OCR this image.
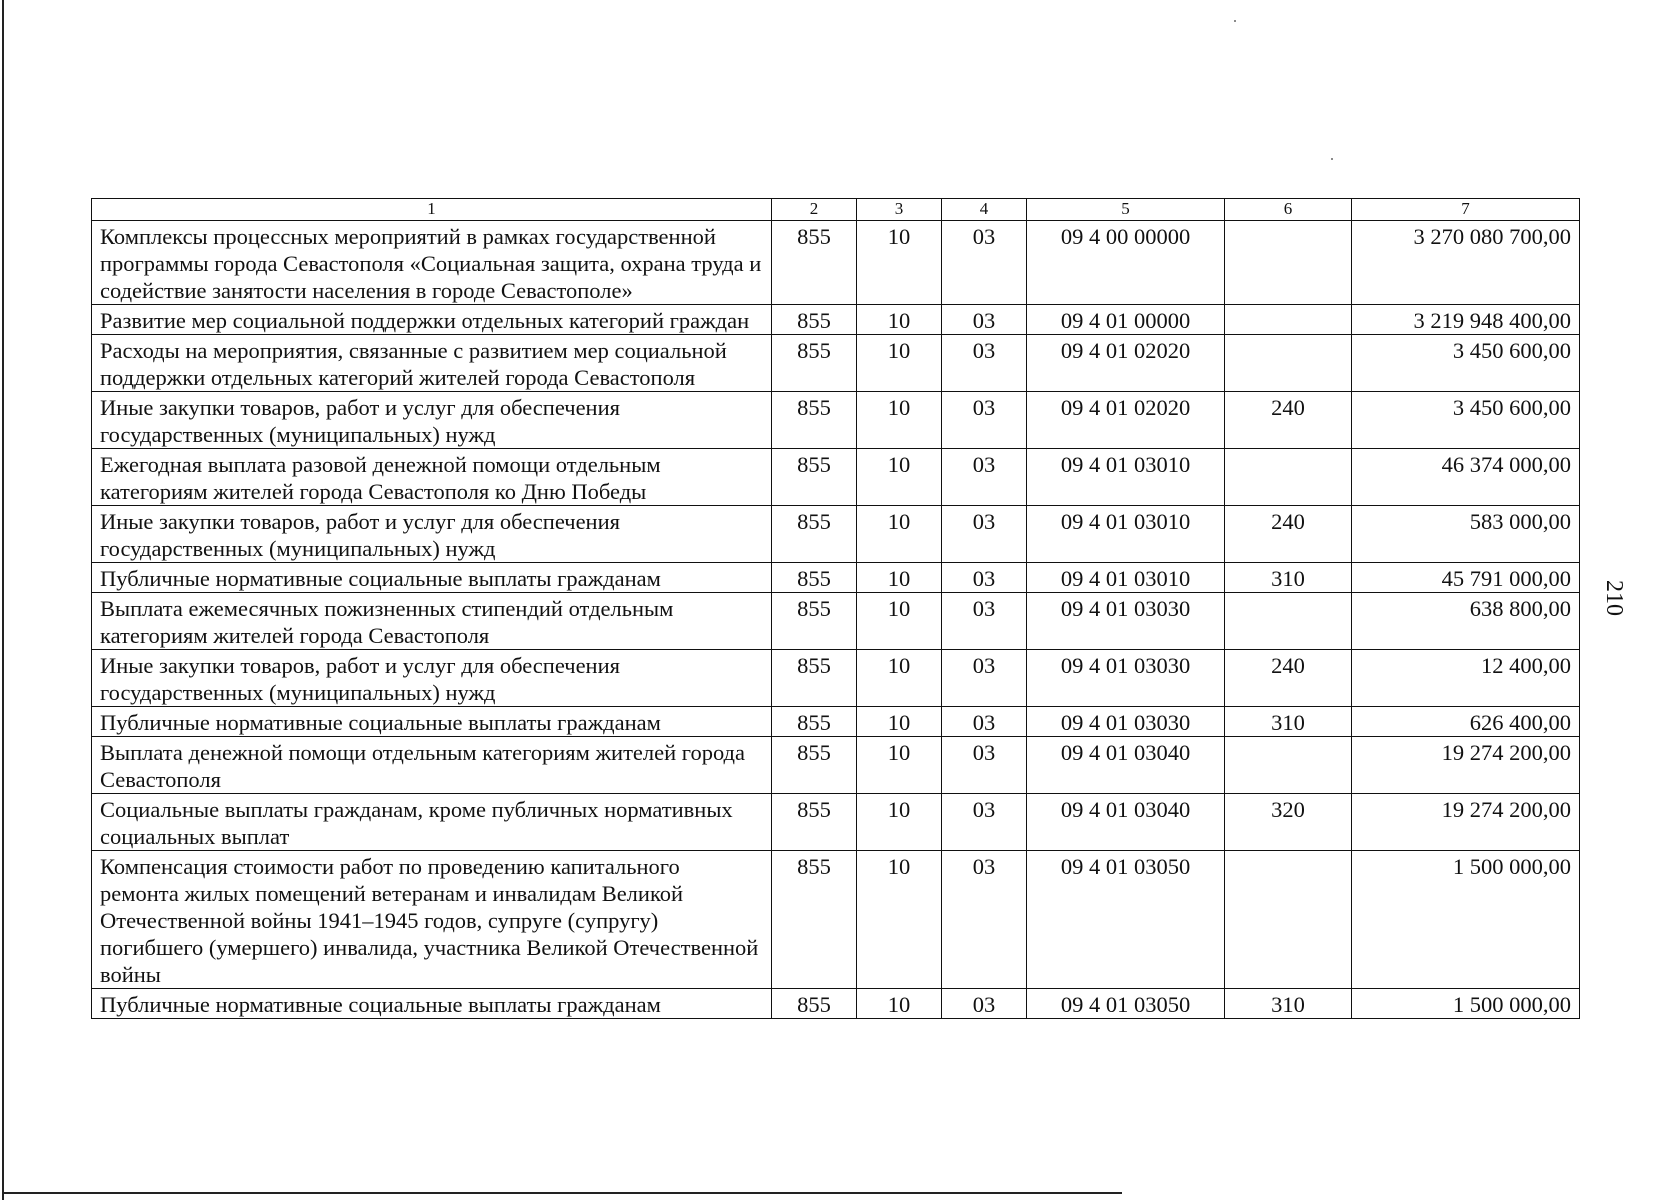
210
1	2	3	4	5	6	7
Комплексы процессных мероприятий в рамках государственной программы города Севастополя «Социальная защита, охрана труда и содействие занятости населения в городе Севастополе»	855	10	03	09 4 00 00000		3 270 080 700,00
Развитие мер социальной поддержки отдельных категорий граждан	855	10	03	09 4 01 00000		3 219 948 400,00
Расходы на мероприятия, связанные с развитием мер социальной поддержки отдельных категорий жителей города Севастополя	855	10	03	09 4 01 02020		3 450 600,00
Иные закупки товаров, работ и услуг для обеспечения государственных (муниципальных) нужд	855	10	03	09 4 01 02020	240	3 450 600,00
Ежегодная выплата разовой денежной помощи отдельным категориям жителей города Севастополя ко Дню Победы	855	10	03	09 4 01 03010		46 374 000,00
Иные закупки товаров, работ и услуг для обеспечения государственных (муниципальных) нужд	855	10	03	09 4 01 03010	240	583 000,00
Публичные нормативные социальные выплаты гражданам	855	10	03	09 4 01 03010	310	45 791 000,00
Выплата ежемесячных пожизненных стипендий отдельным категориям жителей города Севастополя	855	10	03	09 4 01 03030		638 800,00
Иные закупки товаров, работ и услуг для обеспечения государственных (муниципальных) нужд	855	10	03	09 4 01 03030	240	12 400,00
Публичные нормативные социальные выплаты гражданам	855	10	03	09 4 01 03030	310	626 400,00
Выплата денежной помощи отдельным категориям жителей города Севастополя	855	10	03	09 4 01 03040		19 274 200,00
Социальные выплаты гражданам, кроме публичных нормативных социальных выплат	855	10	03	09 4 01 03040	320	19 274 200,00
Компенсация стоимости работ по проведению капитального ремонта жилых помещений ветеранам и инвалидам Великой Отечественной войны 1941–1945 годов, супруге (супругу) погибшего (умершего) инвалида, участника Великой Отечественной войны	855	10	03	09 4 01 03050		1 500 000,00
Публичные нормативные социальные выплаты гражданам	855	10	03	09 4 01 03050	310	1 500 000,00
